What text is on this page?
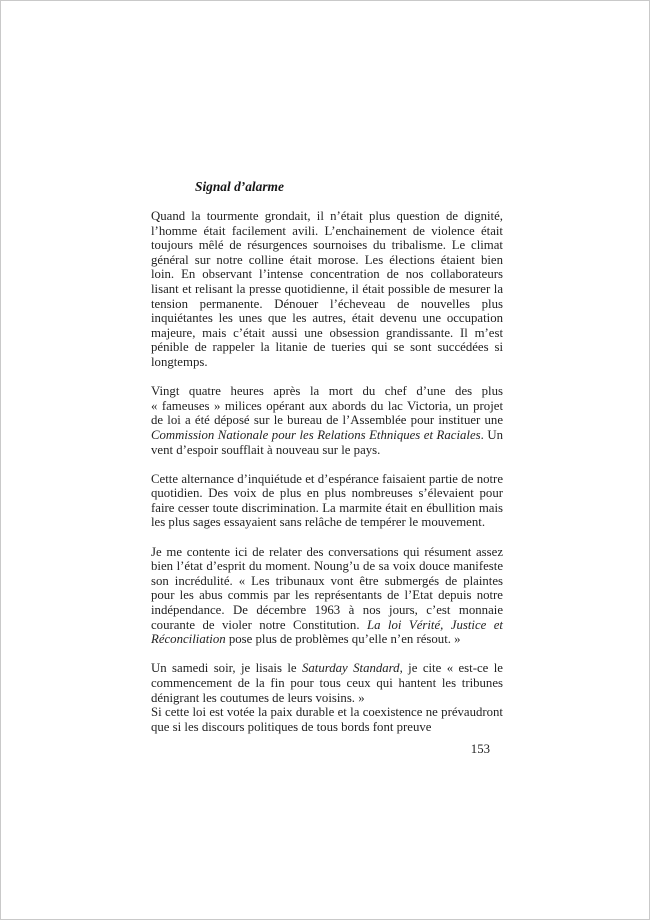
Signal d’alarme

Quand la tourmente grondait, il n’était plus question de dignité, l’homme était facilement avili. L’enchainement de violence était toujours mêlé de résurgences sournoises du tribalisme. Le climat général sur notre colline était morose. Les élections étaient bien loin. En observant l’intense concentration de nos collaborateurs lisant et relisant la presse quotidienne, il était possible de mesurer la tension permanente. Dénouer l’écheveau de nouvelles plus inquiétantes les unes que les autres, était devenu une occupation majeure, mais c’était aussi une obsession grandissante. Il m’est pénible de rappeler la litanie de tueries qui se sont succédées si longtemps.

Vingt quatre heures après la mort du chef d’une des plus « fameuses » milices opérant aux abords du lac Victoria, un projet de loi a été déposé sur le bureau de l’Assemblée pour instituer une Commission Nationale pour les Relations Ethniques et Raciales. Un vent d’espoir soufflait à nouveau sur le pays.

Cette alternance d’inquiétude et d’espérance faisaient partie de notre quotidien. Des voix de plus en plus nombreuses s’élevaient pour faire cesser toute discrimination. La marmite était en ébullition mais les plus sages essayaient sans relâche de tempérer le mouvement.

Je me contente ici de relater des conversations qui résument assez bien l’état d’esprit du moment. Noung’u de sa voix douce manifeste son incrédulité. « Les tribunaux vont être submergés de plaintes pour les abus commis par les représentants de l’Etat depuis notre indépendance. De décembre 1963 à nos jours, c’est monnaie courante de violer notre Constitution. La loi Vérité, Justice et Réconciliation pose plus de problèmes qu’elle n’en résout. »

Un samedi soir, je lisais le Saturday Standard, je cite « est-ce le commencement de la fin pour tous ceux qui hantent les tribunes dénigrant les coutumes de leurs voisins. »

Si cette loi est votée la paix durable et la coexistence ne prévaudront que si les discours politiques de tous bords font preuve

153
